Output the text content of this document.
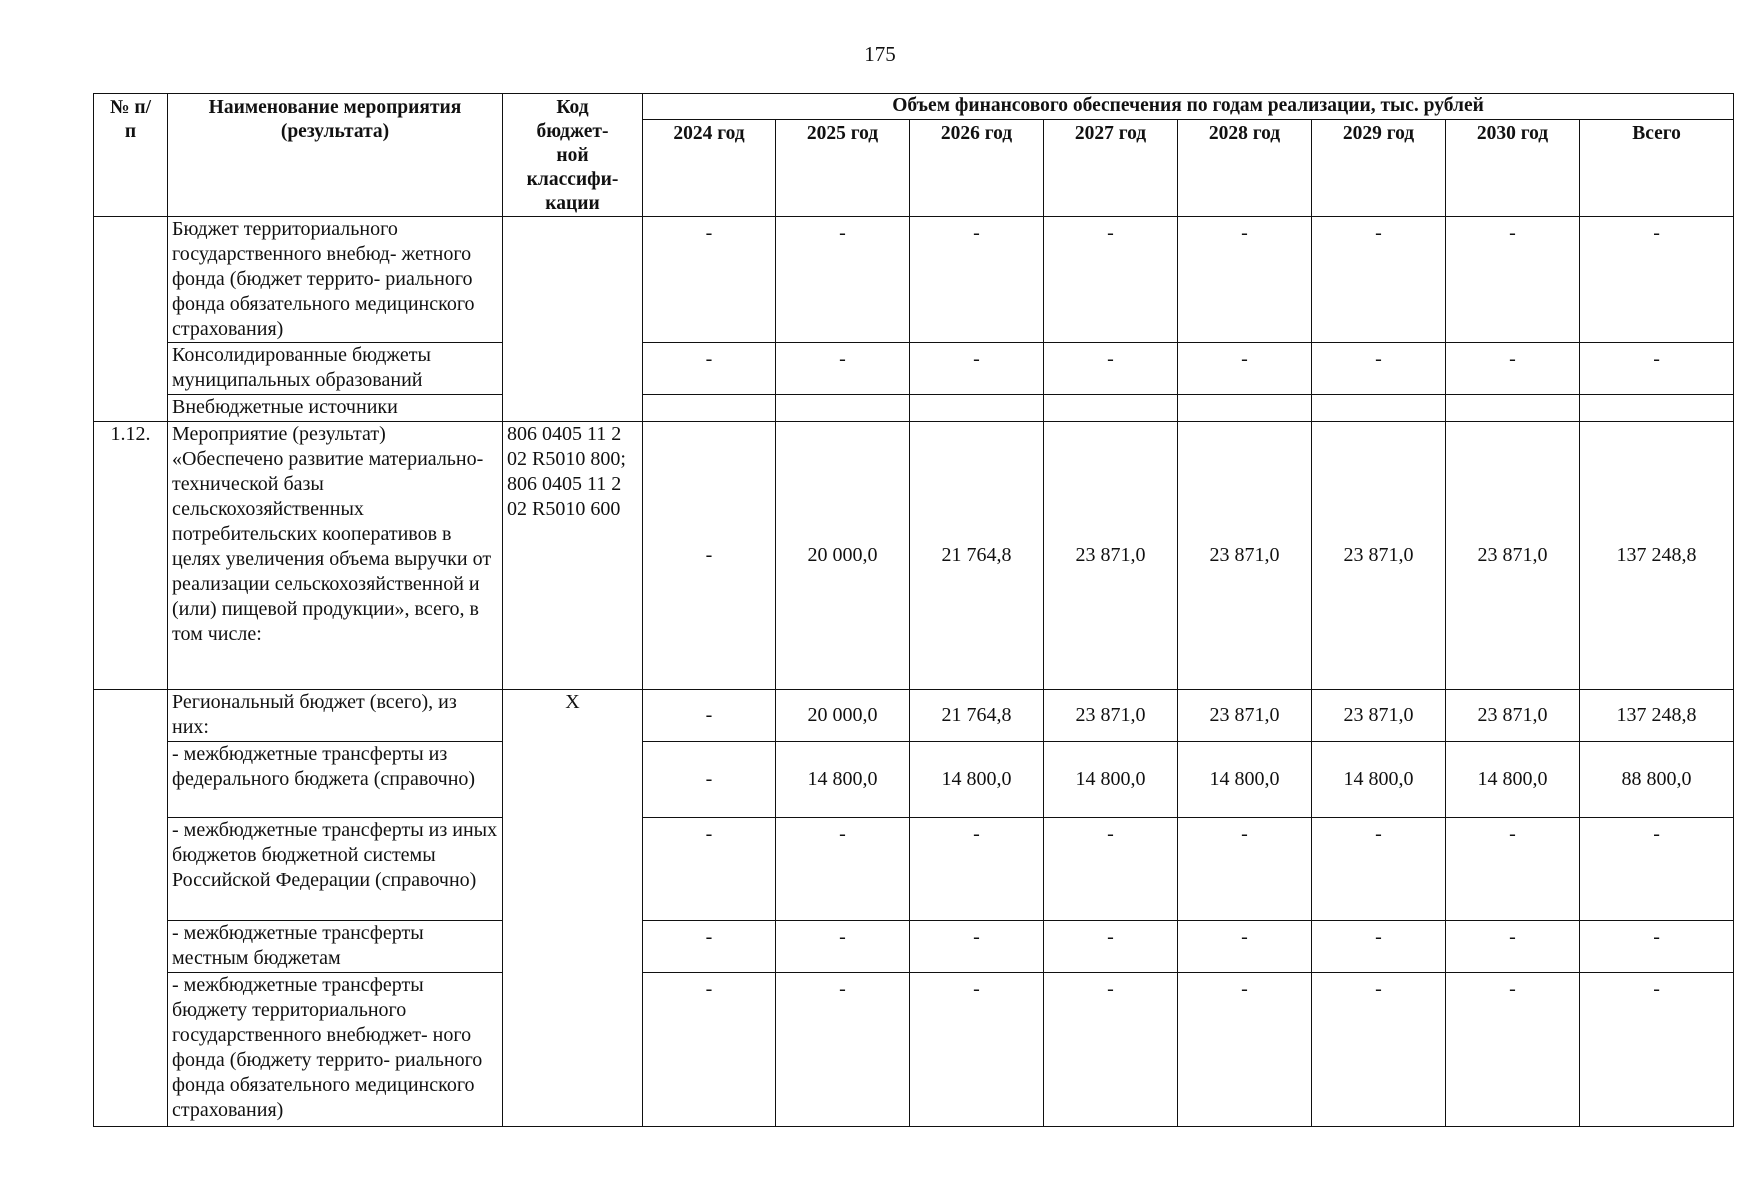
175
№ п/п	Наименование мероприятия (результата)	Код бюджет- ной классифи- кации	Объем финансового обеспечения по годам реализации, тыс. рублей							
			2024 год	2025 год	2026 год	2027 год	2028 год	2029 год	2030 год	Всего
	Бюджет территориального государственного внебюд- жетного фонда (бюджет террито- риального фонда обязательного медицинского страхования)		-	-	-	-	-	-	-	-
	Консолидированные бюджеты муниципальных образований		-	-	-	-	-	-	-	-
	Внебюджетные источники									
1.12.	Мероприятие (результат) «Обеспечено развитие материально-технической базы сельскохозяйственных потребительских кооперативов в целях увеличения объема выручки от реализации сельскохозяйственной и (или) пищевой продукции», всего, в том числе:	806 0405 11 2 02 R5010 800; 806 0405 11 2 02 R5010 600	-	20 000,0	21 764,8	23 871,0	23 871,0	23 871,0	23 871,0	137 248,8
	Региональный бюджет (всего), из них:	X	-	20 000,0	21 764,8	23 871,0	23 871,0	23 871,0	23 871,0	137 248,8
	- межбюджетные трансферты из федерального бюджета (справочно)		-	14 800,0	14 800,0	14 800,0	14 800,0	14 800,0	14 800,0	88 800,0
	- межбюджетные трансферты из иных бюджетов бюджетной системы Российской Федерации (справочно)		-	-	-	-	-	-	-	-
	- межбюджетные трансферты местным бюджетам		-	-	-	-	-	-	-	-
	- межбюджетные трансферты бюджету территориального государственного внебюджет- ного фонда (бюджету террито- риального фонда обязательного медицинского страхования)		-	-	-	-	-	-	-	-
